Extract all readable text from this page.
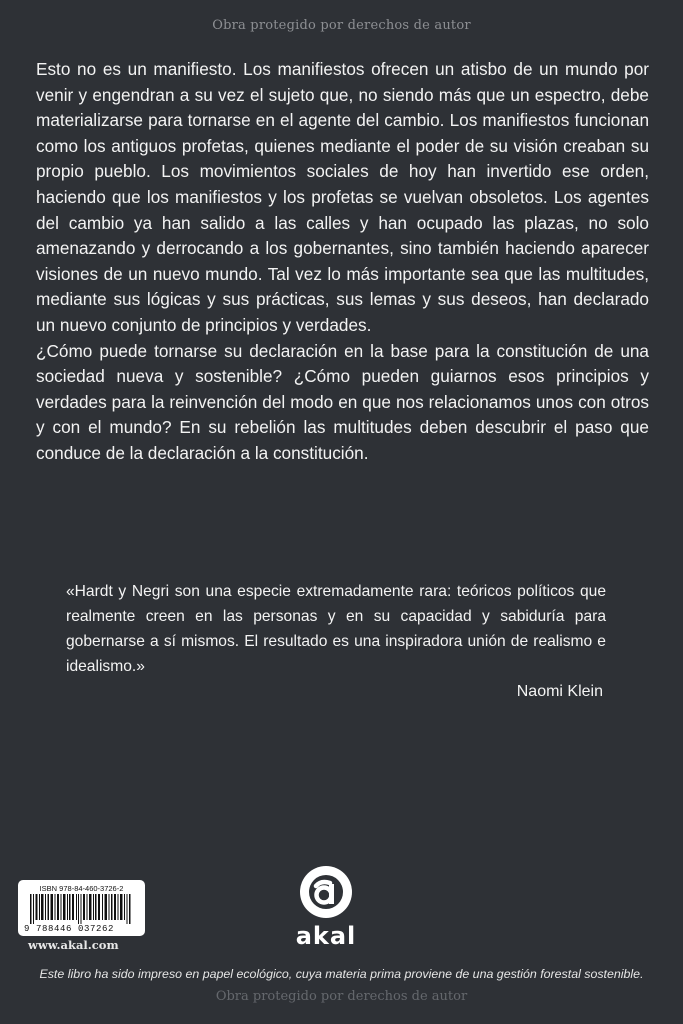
Obra protegido por derechos de autor

Esto no es un manifiesto. Los manifiestos ofrecen un atisbo de un mundo por venir y engendran a su vez el sujeto que, no siendo más que un espectro, debe materializarse para tornarse en el agente del cambio. Los manifiestos funcionan como los antiguos profetas, quienes mediante el poder de su visión creaban su propio pueblo. Los movimientos sociales de hoy han invertido ese orden, haciendo que los manifiestos y los profetas se vuelvan obsoletos. Los agentes del cambio ya han salido a las calles y han ocupado las plazas, no solo amenazando y derrocando a los gobernantes, sino también haciendo aparecer visiones de un nuevo mundo. Tal vez lo más importante sea que las multitudes, mediante sus lógicas y sus prácticas, sus lemas y sus deseos, han declarado un nuevo conjunto de principios y verdades.

¿Cómo puede tornarse su declaración en la base para la constitución de una sociedad nueva y sostenible? ¿Cómo pueden guiarnos esos principios y verdades para la reinvención del modo en que nos relacionamos unos con otros y con el mundo? En su rebelión las multitudes deben descubrir el paso que conduce de la declaración a la constitución.

«Hardt y Negri son una especie extremadamente rara: teóricos políticos que realmente creen en las personas y en su capacidad y sabiduría para gobernarse a sí mismos. El resultado es una inspiradora unión de realismo e idealismo.»
Naomi Klein
ISBN 978-84-460-3726-2
9 788446 037262
www.akal.com	akal
Este libro ha sido impreso en papel ecológico, cuya materia prima proviene de una gestión forestal sostenible.
Obra protegido por derechos de autor
